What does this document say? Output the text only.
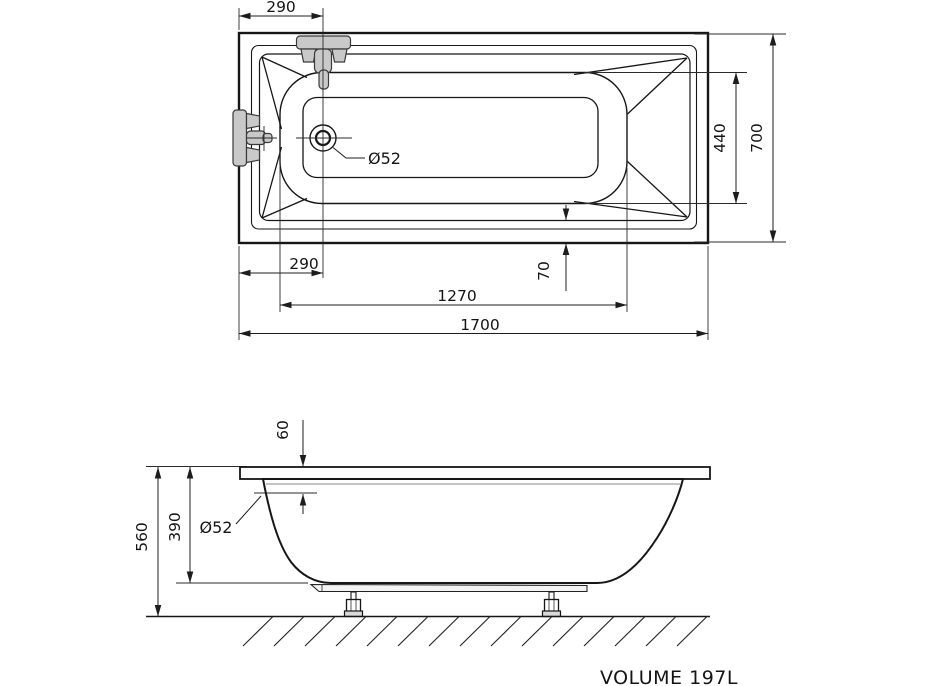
Ø52
290
700
440
290	70
1270
1700
560 390
60
Ø52
VOLUME 197L
